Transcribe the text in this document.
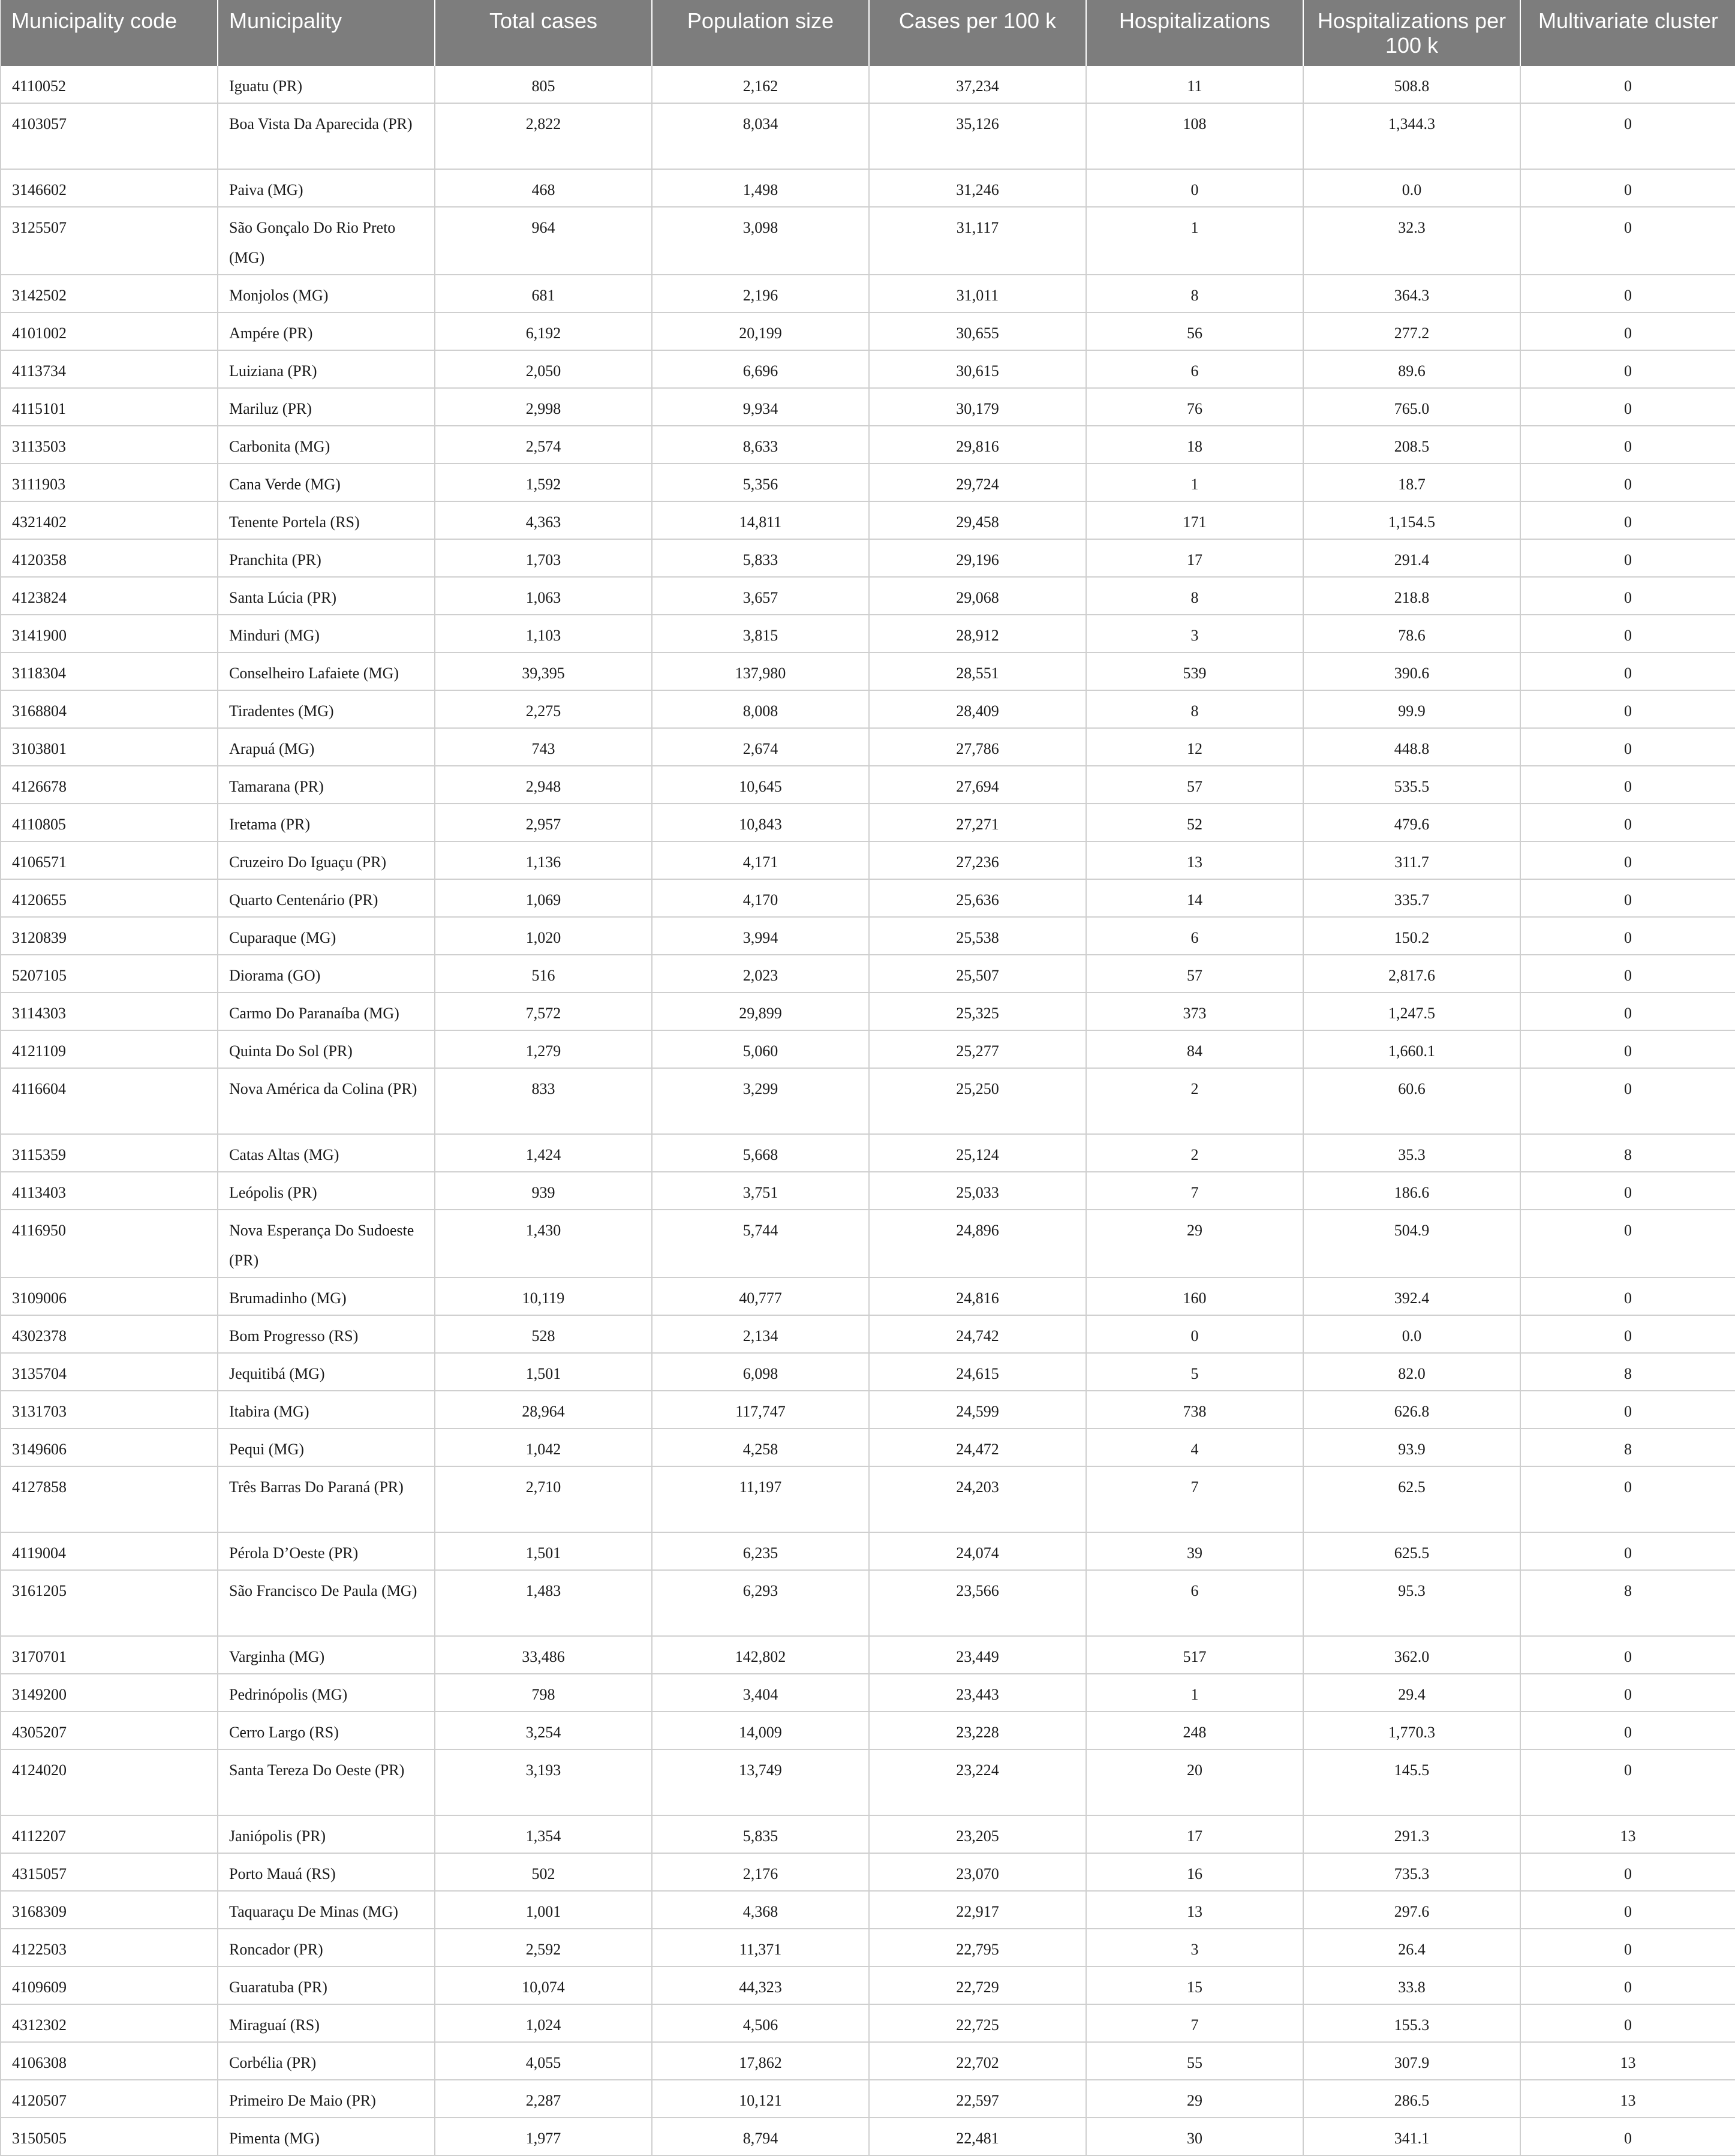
Municipality code	Municipality	Total cases	Population size	Cases per 100 k	Hospitalizations	Hospitalizations per 100 k	Multivariate cluster
4110052	Iguatu (PR)	805	2,162	37,234	11	508.8	0
4103057	Boa Vista Da Aparecida (PR)	2,822	8,034	35,126	108	1,344.3	0
3146602	Paiva (MG)	468	1,498	31,246	0	0.0	0
3125507	São Gonçalo Do Rio Preto (MG)	964	3,098	31,117	1	32.3	0
3142502	Monjolos (MG)	681	2,196	31,011	8	364.3	0
4101002	Ampére (PR)	6,192	20,199	30,655	56	277.2	0
4113734	Luiziana (PR)	2,050	6,696	30,615	6	89.6	0
4115101	Mariluz (PR)	2,998	9,934	30,179	76	765.0	0
3113503	Carbonita (MG)	2,574	8,633	29,816	18	208.5	0
3111903	Cana Verde (MG)	1,592	5,356	29,724	1	18.7	0
4321402	Tenente Portela (RS)	4,363	14,811	29,458	171	1,154.5	0
4120358	Pranchita (PR)	1,703	5,833	29,196	17	291.4	0
4123824	Santa Lúcia (PR)	1,063	3,657	29,068	8	218.8	0
3141900	Minduri (MG)	1,103	3,815	28,912	3	78.6	0
3118304	Conselheiro Lafaiete (MG)	39,395	137,980	28,551	539	390.6	0
3168804	Tiradentes (MG)	2,275	8,008	28,409	8	99.9	0
3103801	Arapuá (MG)	743	2,674	27,786	12	448.8	0
4126678	Tamarana (PR)	2,948	10,645	27,694	57	535.5	0
4110805	Iretama (PR)	2,957	10,843	27,271	52	479.6	0
4106571	Cruzeiro Do Iguaçu (PR)	1,136	4,171	27,236	13	311.7	0
4120655	Quarto Centenário (PR)	1,069	4,170	25,636	14	335.7	0
3120839	Cuparaque (MG)	1,020	3,994	25,538	6	150.2	0
5207105	Diorama (GO)	516	2,023	25,507	57	2,817.6	0
3114303	Carmo Do Paranaíba (MG)	7,572	29,899	25,325	373	1,247.5	0
4121109	Quinta Do Sol (PR)	1,279	5,060	25,277	84	1,660.1	0
4116604	Nova América da Colina (PR)	833	3,299	25,250	2	60.6	0
3115359	Catas Altas (MG)	1,424	5,668	25,124	2	35.3	8
4113403	Leópolis (PR)	939	3,751	25,033	7	186.6	0
4116950	Nova Esperança Do Sudoeste (PR)	1,430	5,744	24,896	29	504.9	0
3109006	Brumadinho (MG)	10,119	40,777	24,816	160	392.4	0
4302378	Bom Progresso (RS)	528	2,134	24,742	0	0.0	0
3135704	Jequitibá (MG)	1,501	6,098	24,615	5	82.0	8
3131703	Itabira (MG)	28,964	117,747	24,599	738	626.8	0
3149606	Pequi (MG)	1,042	4,258	24,472	4	93.9	8
4127858	Três Barras Do Paraná (PR)	2,710	11,197	24,203	7	62.5	0
4119004	Pérola D’Oeste (PR)	1,501	6,235	24,074	39	625.5	0
3161205	São Francisco De Paula (MG)	1,483	6,293	23,566	6	95.3	8
3170701	Varginha (MG)	33,486	142,802	23,449	517	362.0	0
3149200	Pedrinópolis (MG)	798	3,404	23,443	1	29.4	0
4305207	Cerro Largo (RS)	3,254	14,009	23,228	248	1,770.3	0
4124020	Santa Tereza Do Oeste (PR)	3,193	13,749	23,224	20	145.5	0
4112207	Janiópolis (PR)	1,354	5,835	23,205	17	291.3	13
4315057	Porto Mauá (RS)	502	2,176	23,070	16	735.3	0
3168309	Taquaraçu De Minas (MG)	1,001	4,368	22,917	13	297.6	0
4122503	Roncador (PR)	2,592	11,371	22,795	3	26.4	0
4109609	Guaratuba (PR)	10,074	44,323	22,729	15	33.8	0
4312302	Miraguaí (RS)	1,024	4,506	22,725	7	155.3	0
4106308	Corbélia (PR)	4,055	17,862	22,702	55	307.9	13
4120507	Primeiro De Maio (PR)	2,287	10,121	22,597	29	286.5	13
3150505	Pimenta (MG)	1,977	8,794	22,481	30	341.1	0
